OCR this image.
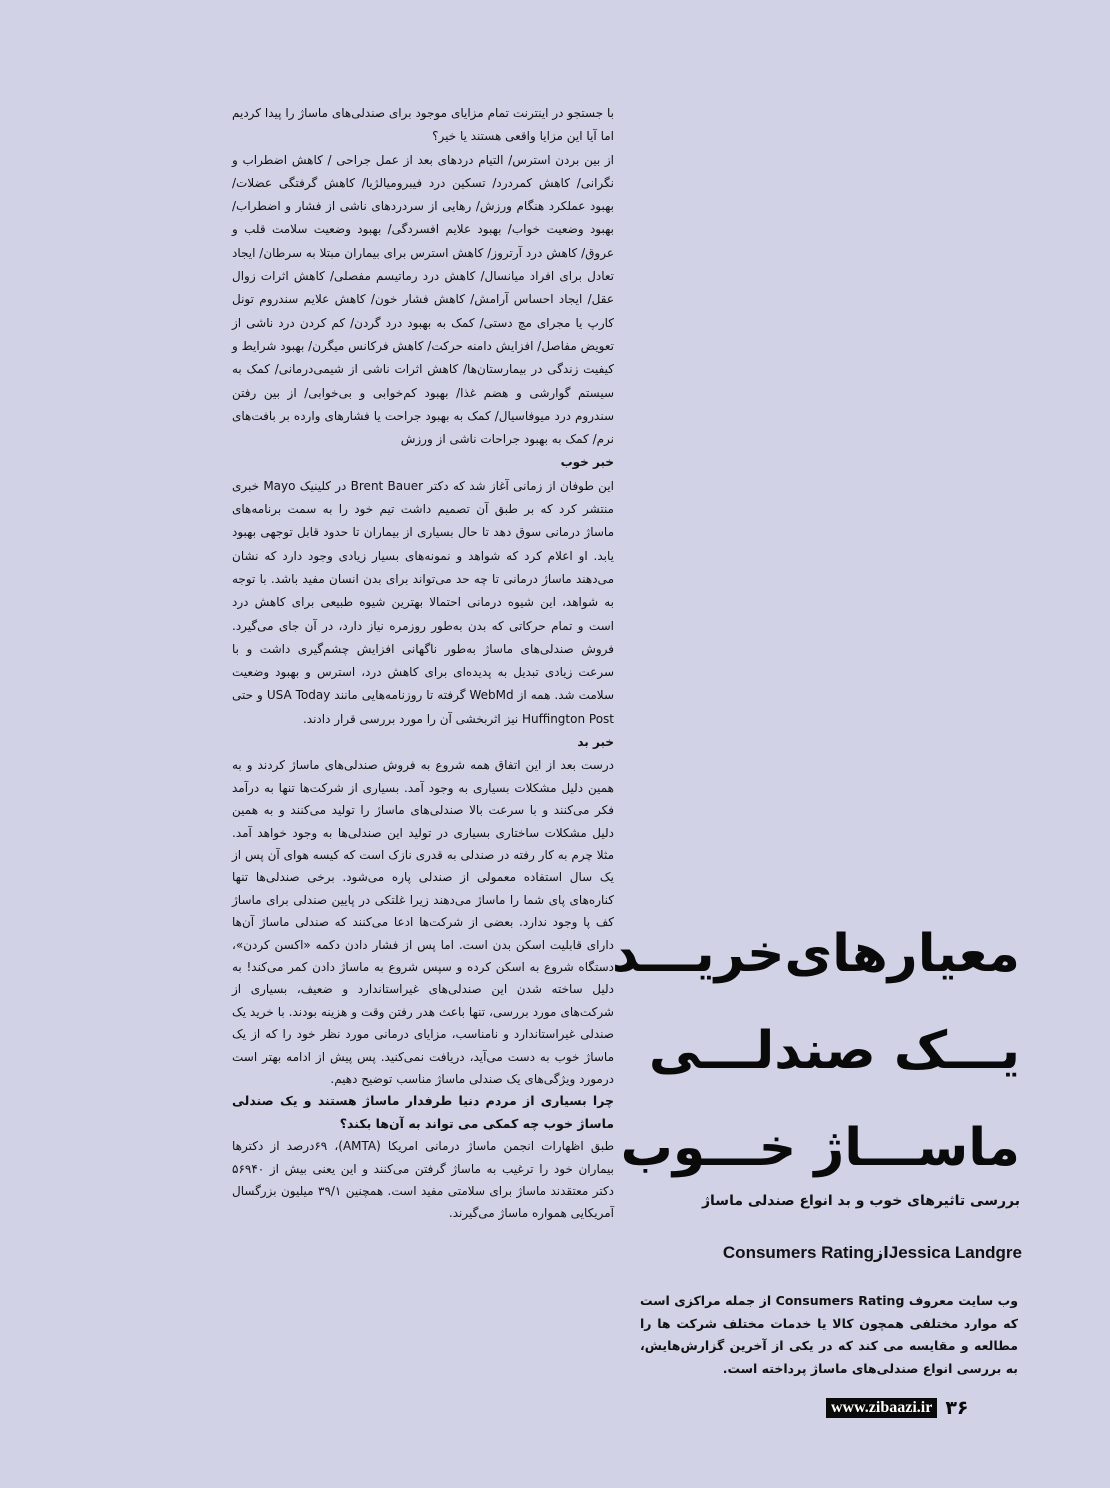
با جستجو در اینترنت تمام مزایای موجود برای صندلی‌های ماساژ را پیدا کردیم اما آیا این مزایا واقعی هستند یا خیر؟

از بین بردن استرس/ التیام دردهای بعد از عمل جراحی / کاهش اضطراب و نگرانی/ کاهش کمردرد/ تسکین درد فیبرومیالژیا/ کاهش گرفتگی عضلات/ بهبود عملکرد هنگام ورزش/ رهایی از سردردهای ناشی از فشار و اضطراب/ بهبود وضعیت خواب/ بهبود علایم افسردگی/ بهبود وضعیت سلامت قلب و عروق/ کاهش درد آرتروز/ کاهش استرس برای بیماران مبتلا به سرطان/ ایجاد تعادل برای افراد میانسال/ کاهش درد رماتیسم مفصلی/ کاهش اثرات زوال عقل/ ایجاد احساس آرامش/ کاهش فشار خون/ کاهش علایم سندروم تونل کارپ یا مجرای مچ دستی/ کمک به بهبود درد گردن/ کم کردن درد ناشی از تعویض مفاصل/ افزایش دامنه حرکت/ کاهش فرکانس میگرن/ بهبود شرایط و کیفیت زندگی در بیمارستان‌ها/ کاهش اثرات ناشی از شیمی‌درمانی/ کمک به سیستم گوارشی و هضم غذا/ بهبود کم‌خوابی و بی‌خوابی/ از بین رفتن سندروم درد میوفاسیال/ کمک به بهبود جراحت یا فشارهای وارده بر بافت‌های نرم/ کمک به بهبود جراحات ناشی از ورزش

خبر خوب

این طوفان از زمانی آغاز شد که دکتر Brent Bauer در کلینیک Mayo خبری منتشر کرد که بر طبق آن تصمیم داشت تیم خود را به سمت برنامه‌های ماساژ درمانی سوق دهد تا حال بسیاری از بیماران تا حدود قابل توجهی بهبود یابد. او اعلام کرد که شواهد و نمونه‌های بسیار زیادی وجود دارد که نشان می‌دهند ماساژ درمانی تا چه حد می‌تواند برای بدن انسان مفید باشد. با توجه به شواهد، این شیوه درمانی احتمالا بهترین شیوه طبیعی برای کاهش درد است و تمام حرکاتی که بدن به‌طور روزمره نیاز دارد، در آن جای می‌گیرد. فروش صندلی‌های ماساژ به‌طور ناگهانی افزایش چشم‌گیری داشت و با سرعت زیادی تبدیل به پدیده‌ای برای کاهش درد، استرس و بهبود وضعیت سلامت شد. همه از WebMd گرفته تا روزنامه‌هایی مانند USA Today و حتی Huffington Post نیز اثربخشی آن را مورد بررسی قرار دادند.

خبر بد

درست بعد از این اتفاق همه شروع به فروش صندلی‌های ماساژ کردند و به همین دلیل مشکلات بسیاری به وجود آمد. بسیاری از شرکت‌ها تنها به درآمد فکر می‌کنند و با سرعت بالا صندلی‌های ماساژ را تولید می‌کنند و به همین دلیل مشکلات ساختاری بسیاری در تولید این صندلی‌ها به وجود خواهد آمد. مثلا چرم به کار رفته در صندلی به قدری نازک است که کیسه هوای آن پس از یک سال استفاده معمولی از صندلی پاره می‌شود. برخی صندلی‌ها تنها کناره‌های پای شما را ماساژ می‌دهند زیرا غلتکی در پایین صندلی برای ماساژ کف پا وجود ندارد. بعضی از شرکت‌ها ادعا می‌کنند که صندلی ماساژ آن‌ها دارای قابلیت اسکن بدن است. اما پس از فشار دادن دکمه «اکسن کردن»، دستگاه شروع به اسکن کرده و سپس شروع به ماساژ دادن کمر می‌کند! به دلیل ساخته شدن این صندلی‌های غیراستاندارد و ضعیف، بسیاری از شرکت‌های مورد بررسی، تنها باعث هدر رفتن وقت و هزینه بودند. با خرید یک صندلی غیراستاندارد و نامناسب، مزایای درمانی مورد نظر خود را که از یک ماساژ خوب به دست می‌آید، دریافت نمی‌کنید. پس پیش از ادامه بهتر است درمورد ویژگی‌های یک صندلی ماساژ مناسب توضیح دهیم.

چرا بسیاری از مردم دنیا طرفدار ماساژ هستند و یک صندلی ماساژ خوب چه کمکی می‌ تواند به آن‌ها بکند؟

طبق اظهارات انجمن ماساژ درمانی امریکا (AMTA)، ۶۹درصد از دکترها بیماران خود را ترغیب به ماساژ گرفتن می‌کنند و این یعنی بیش از ۵۶۹۴۰ دکتر معتقدند ماساژ برای سلامتی مفید است. همچنین ۳۹/۱ میلیون بزرگسال آمریکایی همواره ماساژ می‌گیرند.

معیارهای‌خریـــد
یـــک صندلـــی
ماســـاژ خـــوب
بررسی تاثیرهای خوب و بد انواع صندلی ماساژ
Jessica LandgreازConsumers Rating
وب سایت معروف Consumers Rating از جمله مراکزی است که موارد مختلفی همچون کالا یا خدمات مختلف شرکت ها را مطالعه و مقایسه می کند که در یکی از آخرین گزارش‌هایش، به بررسی انواع صندلی‌های ماساژ پرداخته است.
www.zibaazi.ir ۳۶
